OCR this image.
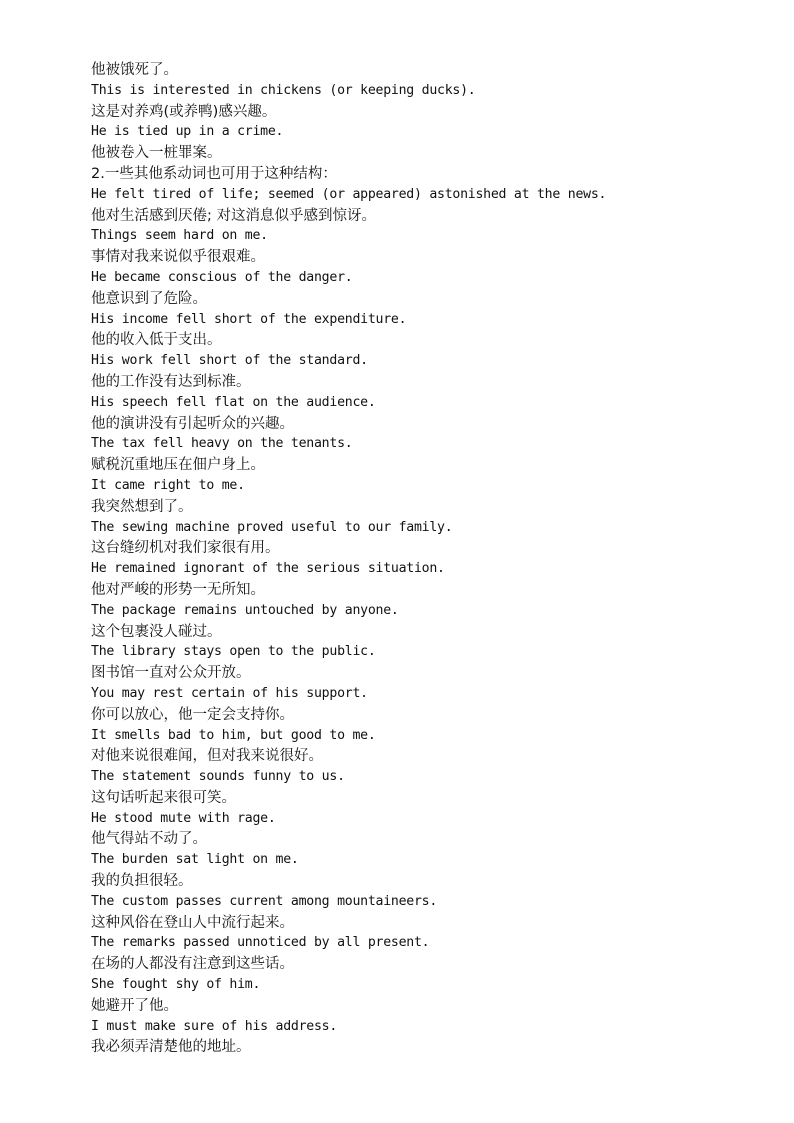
他被饿死了。
This is interested in chickens (or keeping ducks).
这是对养鸡(或养鸭)感兴趣。
He is tied up in a crime.
他被卷入一桩罪案。
2.一些其他系动词也可用于这种结构：
He felt tired of life; seemed (or appeared) astonished at the news.
他对生活感到厌倦; 对这消息似乎感到惊讶。
Things seem hard on me.
事情对我来说似乎很艰难。
He became conscious of the danger.
他意识到了危险。
His income fell short of the expenditure.
他的收入低于支出。
His work fell short of the standard.
他的工作没有达到标准。
His speech fell flat on the audience.
他的演讲没有引起听众的兴趣。
The tax fell heavy on the tenants.
赋税沉重地压在佃户身上。
It came right to me.
我突然想到了。
The sewing machine proved useful to our family.
这台缝纫机对我们家很有用。
He remained ignorant of the serious situation.
他对严峻的形势一无所知。
The package remains untouched by anyone.
这个包裹没人碰过。
The library stays open to the public.
图书馆一直对公众开放。
You may rest certain of his support.
你可以放心，他一定会支持你。
It smells bad to him, but good to me.
对他来说很难闻，但对我来说很好。
The statement sounds funny to us.
这句话听起来很可笑。
He stood mute with rage.
他气得站不动了。
The burden sat light on me.
我的负担很轻。
The custom passes current among mountaineers.
这种风俗在登山人中流行起来。
The remarks passed unnoticed by all present.
在场的人都没有注意到这些话。
She fought shy of him.
她避开了他。
I must make sure of his address.
我必须弄清楚他的地址。
